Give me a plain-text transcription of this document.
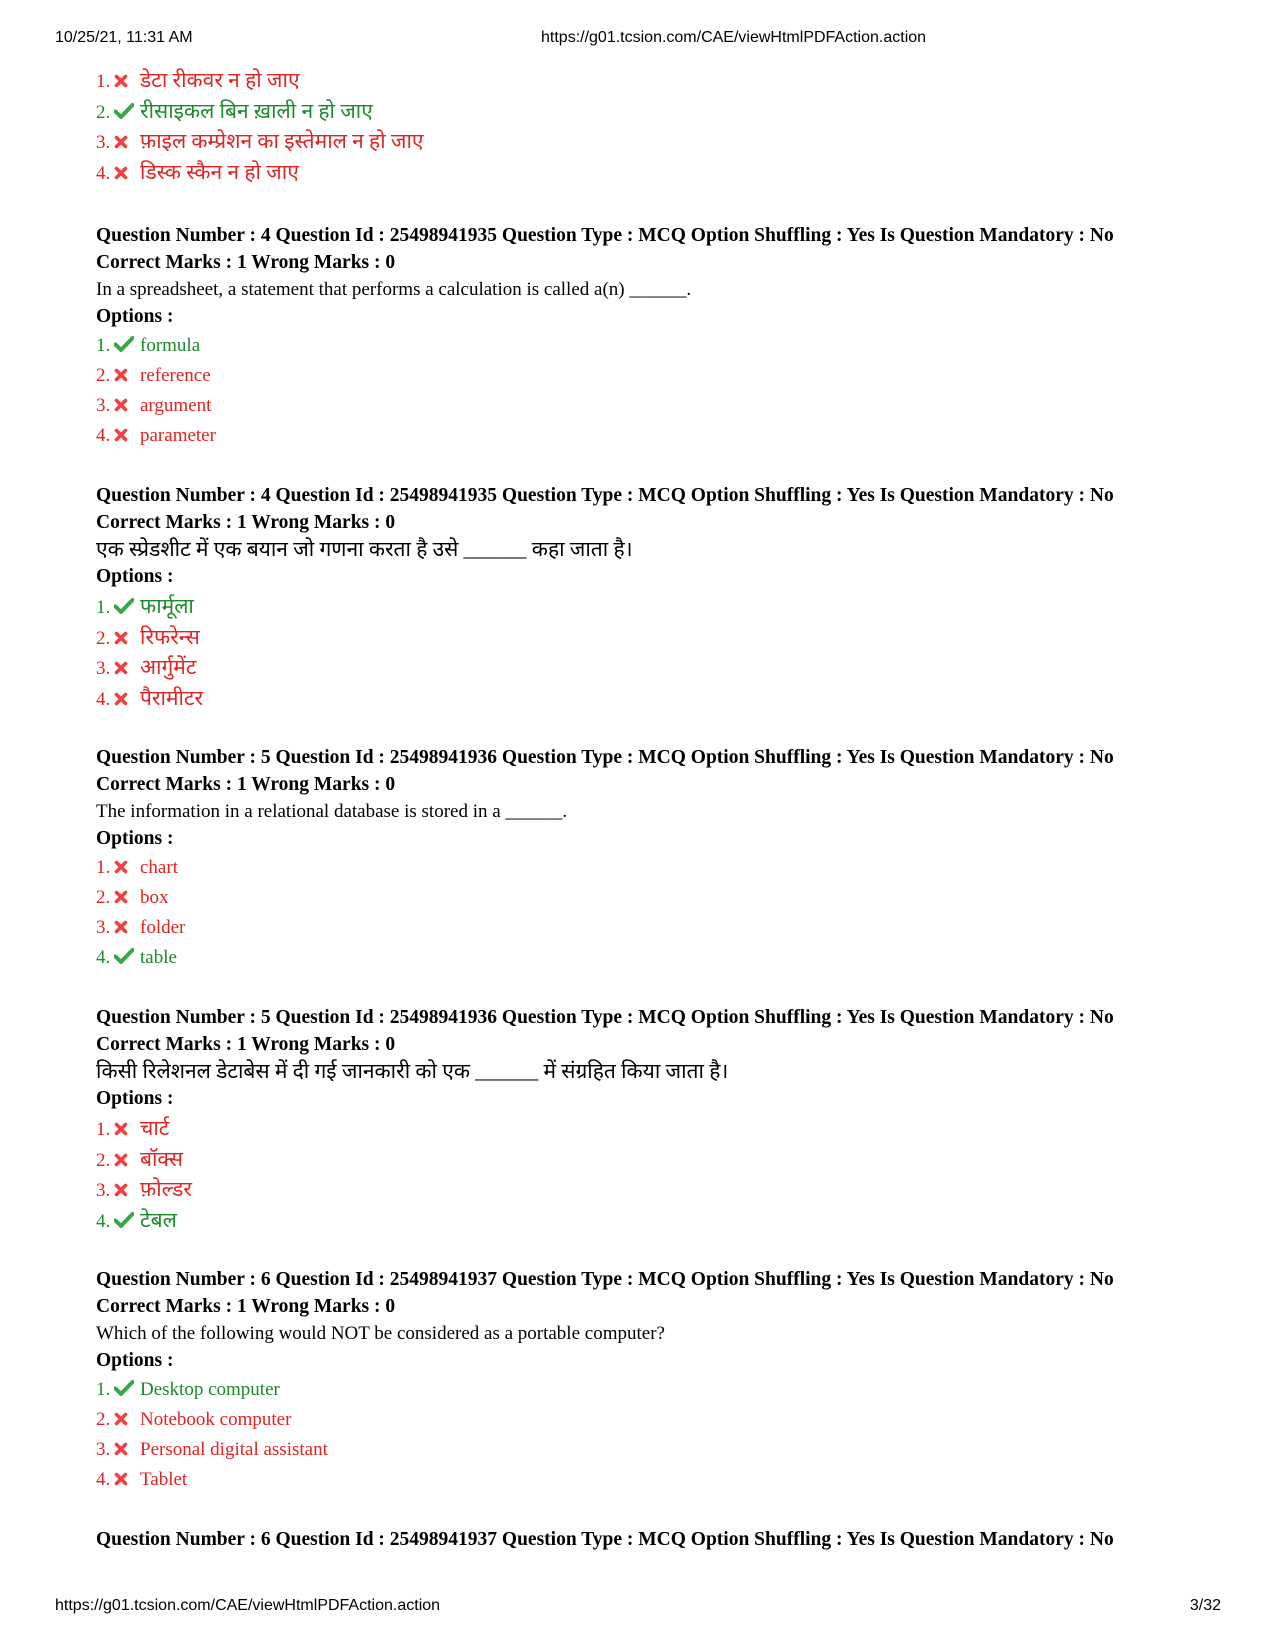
10/25/21, 11:31 AM	https://g01.tcsion.com/CAE/viewHtmlPDFAction.action
1. डेटा रीकवर न हो जाए
2. रीसाइकल बिन ख़ाली न हो जाए
3. फ़ाइल कम्प्रेशन का इस्तेमाल न हो जाए
4. डिस्क स्कैन न हो जाए
Question Number : 4 Question Id : 25498941935 Question Type : MCQ Option Shuffling : Yes Is Question Mandatory : No
Correct Marks : 1 Wrong Marks : 0
In a spreadsheet, a statement that performs a calculation is called a(n) ______.
Options :
1. formula
2. reference
3. argument
4. parameter
Question Number : 4 Question Id : 25498941935 Question Type : MCQ Option Shuffling : Yes Is Question Mandatory : No
Correct Marks : 1 Wrong Marks : 0
एक स्प्रेडशीट में एक बयान जो गणना करता है उसे ______ कहा जाता है।
Options :
1. फार्मूला
2. रिफरेन्स
3. आर्गुमेंट
4. पैरामीटर
Question Number : 5 Question Id : 25498941936 Question Type : MCQ Option Shuffling : Yes Is Question Mandatory : No
Correct Marks : 1 Wrong Marks : 0
The information in a relational database is stored in a ______.
Options :
1. chart
2. box
3. folder
4. table
Question Number : 5 Question Id : 25498941936 Question Type : MCQ Option Shuffling : Yes Is Question Mandatory : No
Correct Marks : 1 Wrong Marks : 0
किसी रिलेशनल डेटाबेस में दी गई जानकारी को एक ______ में संग्रहित किया जाता है।
Options :
1. चार्ट
2. बॉक्स
3. फ़ोल्डर
4. टेबल
Question Number : 6 Question Id : 25498941937 Question Type : MCQ Option Shuffling : Yes Is Question Mandatory : No
Correct Marks : 1 Wrong Marks : 0
Which of the following would NOT be considered as a portable computer?
Options :
1. Desktop computer
2. Notebook computer
3. Personal digital assistant
4. Tablet
Question Number : 6 Question Id : 25498941937 Question Type : MCQ Option Shuffling : Yes Is Question Mandatory : No
https://g01.tcsion.com/CAE/viewHtmlPDFAction.action	3/32
